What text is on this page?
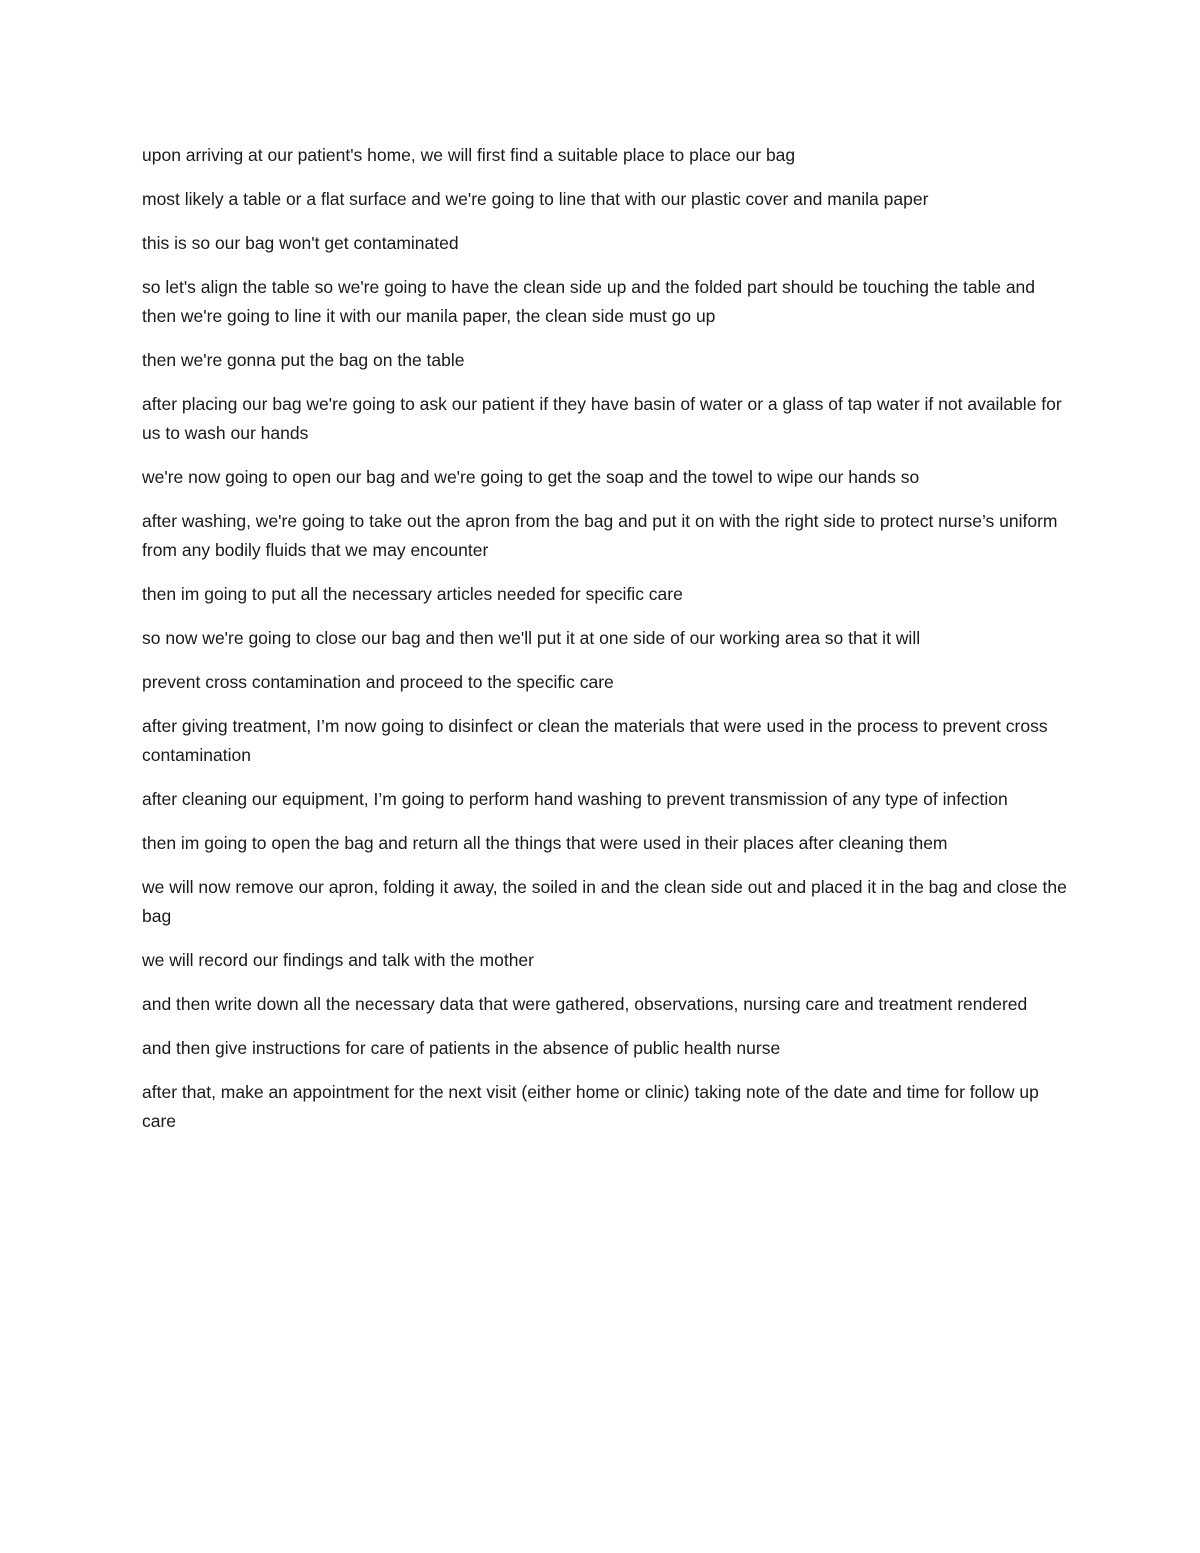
upon arriving at our patient's home, we will first find a suitable place to place our bag

most likely a table or a flat surface and we're going to line that with our plastic cover and manila paper

this is so our bag won't get contaminated

so let's align the table so we're going to have the clean side up and the folded part should be touching the table and then we're going to line it with our manila paper, the clean side must go up

then we're gonna put the bag on the table

after placing our bag we're going to ask our patient if they have basin of water or a glass of tap water if not available for us to wash our hands

we're now going to open our bag and we're going to get the soap and the towel to wipe our hands so

after washing, we're going to take out the apron from the bag and put it on with the right side to protect nurse’s uniform from any bodily fluids that we may encounter

then im going to put all the necessary articles needed for specific care

so now we're going to close our bag and then we'll put it at one side of our working area so that it will

prevent cross contamination and proceed to the specific care

after giving treatment, I’m now going to disinfect or clean the materials that were used in the process to prevent cross contamination

after cleaning our equipment, I’m going to perform hand washing to prevent transmission of any type of infection

then im going to open the bag and return all the things that were used in their places after cleaning them

we will now remove our apron, folding it away, the soiled in and the clean side out and placed it in the bag and close the bag

we will record our findings and talk with the mother

and then write down all the necessary data that were gathered, observations, nursing care and treatment rendered

and then give instructions for care of patients in the absence of public health nurse

after that, make an appointment for the next visit (either home or clinic) taking note of the date and time for follow up care
